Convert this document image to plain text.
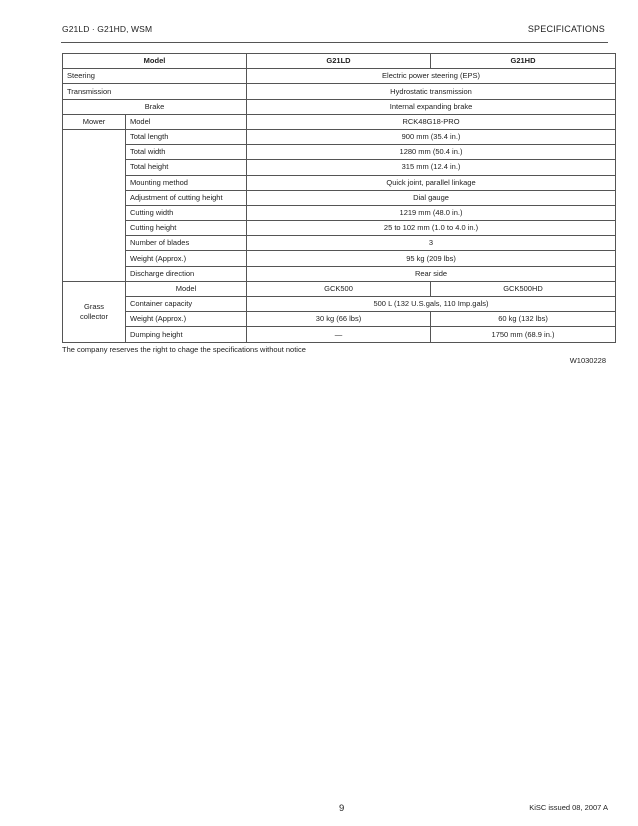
G21LD · G21HD, WSM	SPECIFICATIONS
Model		G21LD	G21HD
Steering		Electric power steering (EPS)	
Transmission		Hydrostatic transmission	
Brake		Internal expanding brake	
Mower	Model	RCK48G18-PRO	
	Total length	900 mm (35.4 in.)	
	Total width	1280 mm (50.4 in.)	
	Total height	315 mm (12.4 in.)	
	Mounting method	Quick joint, parallel linkage	
	Adjustment of cutting height	Dial gauge	
	Cutting width	1219 mm (48.0 in.)	
	Cutting height	25 to 102 mm (1.0 to 4.0 in.)	
	Number of blades	3	
	Weight (Approx.)	95 kg (209 lbs)	
	Discharge direction	Rear side	
Grass
collector	Model	GCK500	GCK500HD
	Container capacity	500 L (132 U.S.gals, 110 Imp.gals)	
	Weight (Approx.)	30 kg (66 lbs)	60 kg (132 lbs)
	Dumping height	—	1750 mm (68.9 in.)
The company reserves the right to chage the specifications without notice
W1030228
9	KiSC issued 08, 2007 A
